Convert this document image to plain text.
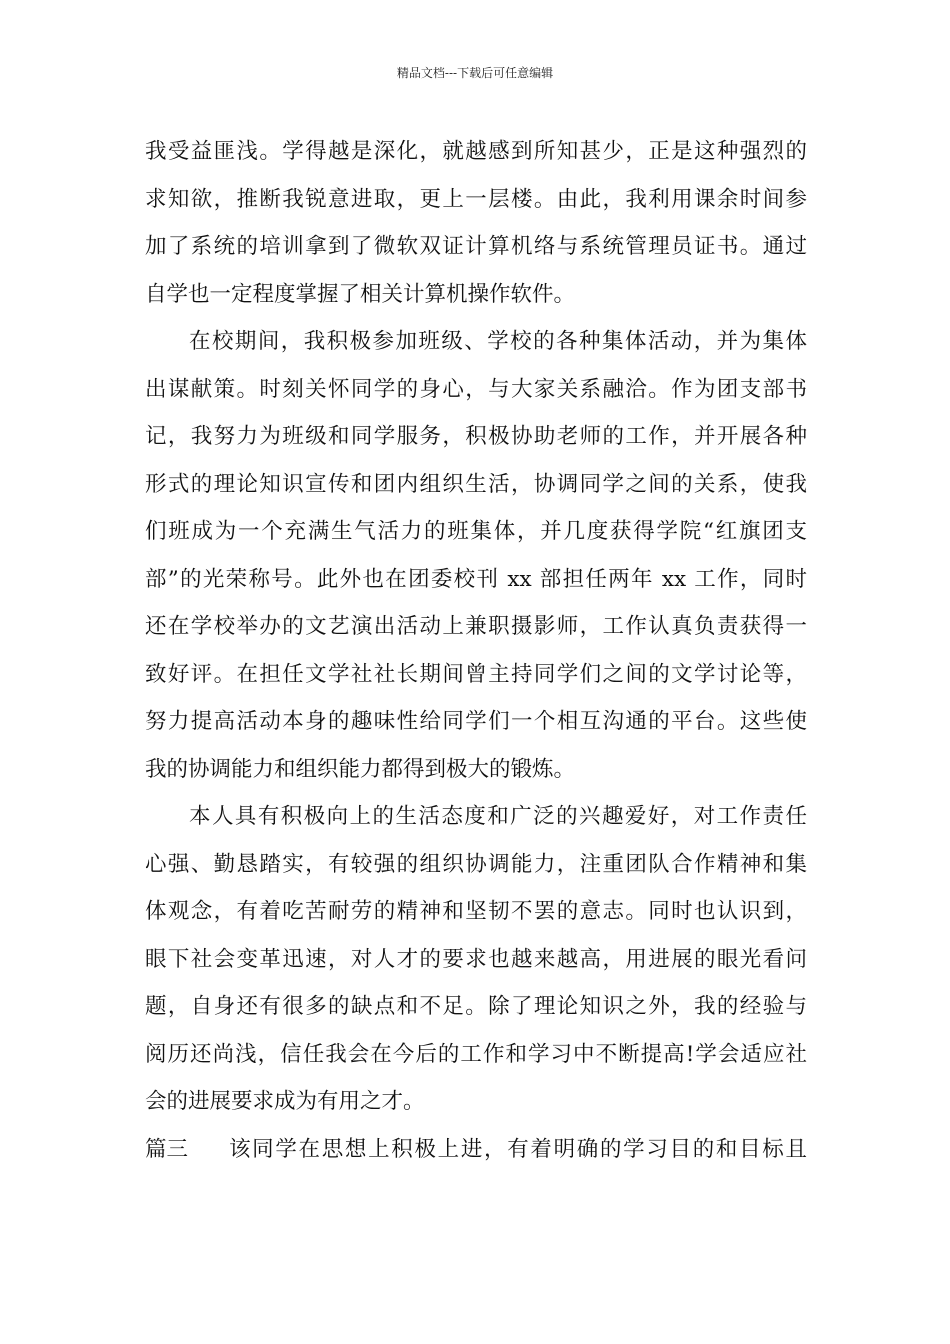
精品文档---下载后可任意编辑
我受益匪浅。学得越是深化，就越感到所知甚少，正是这种强烈的
求知欲，推断我锐意进取，更上一层楼。由此，我利用课余时间参
加了系统的培训拿到了微软双证计算机络与系统管理员证书。通过
自学也一定程度掌握了相关计算机操作软件。
在校期间，我积极参加班级、学校的各种集体活动，并为集体
出谋献策。时刻关怀同学的身心，与大家关系融洽。作为团支部书
记，我努力为班级和同学服务，积极协助老师的工作，并开展各种
形式的理论知识宣传和团内组织生活，协调同学之间的关系，使我
们班成为一个充满生气活力的班集体，并几度获得学院“红旗团支
部”的光荣称号。此外也在团委校刊 xx 部担任两年 xx 工作，同时
还在学校举办的文艺演出活动上兼职摄影师，工作认真负责获得一
致好评。在担任文学社社长期间曾主持同学们之间的文学讨论等，
努力提高活动本身的趣味性给同学们一个相互沟通的平台。这些使
我的协调能力和组织能力都得到极大的锻炼。
本人具有积极向上的生活态度和广泛的兴趣爱好，对工作责任
心强、勤恳踏实，有较强的组织协调能力，注重团队合作精神和集
体观念，有着吃苦耐劳的精神和坚韧不罢的意志。同时也认识到，
眼下社会变革迅速，对人才的要求也越来越高，用进展的眼光看问
题，自身还有很多的缺点和不足。除了理论知识之外，我的经验与
阅历还尚浅，信任我会在今后的工作和学习中不断提高!学会适应社
会的进展要求成为有用之才。
篇三	该同学在思想上积极上进，有着明确的学习目的和目标且
